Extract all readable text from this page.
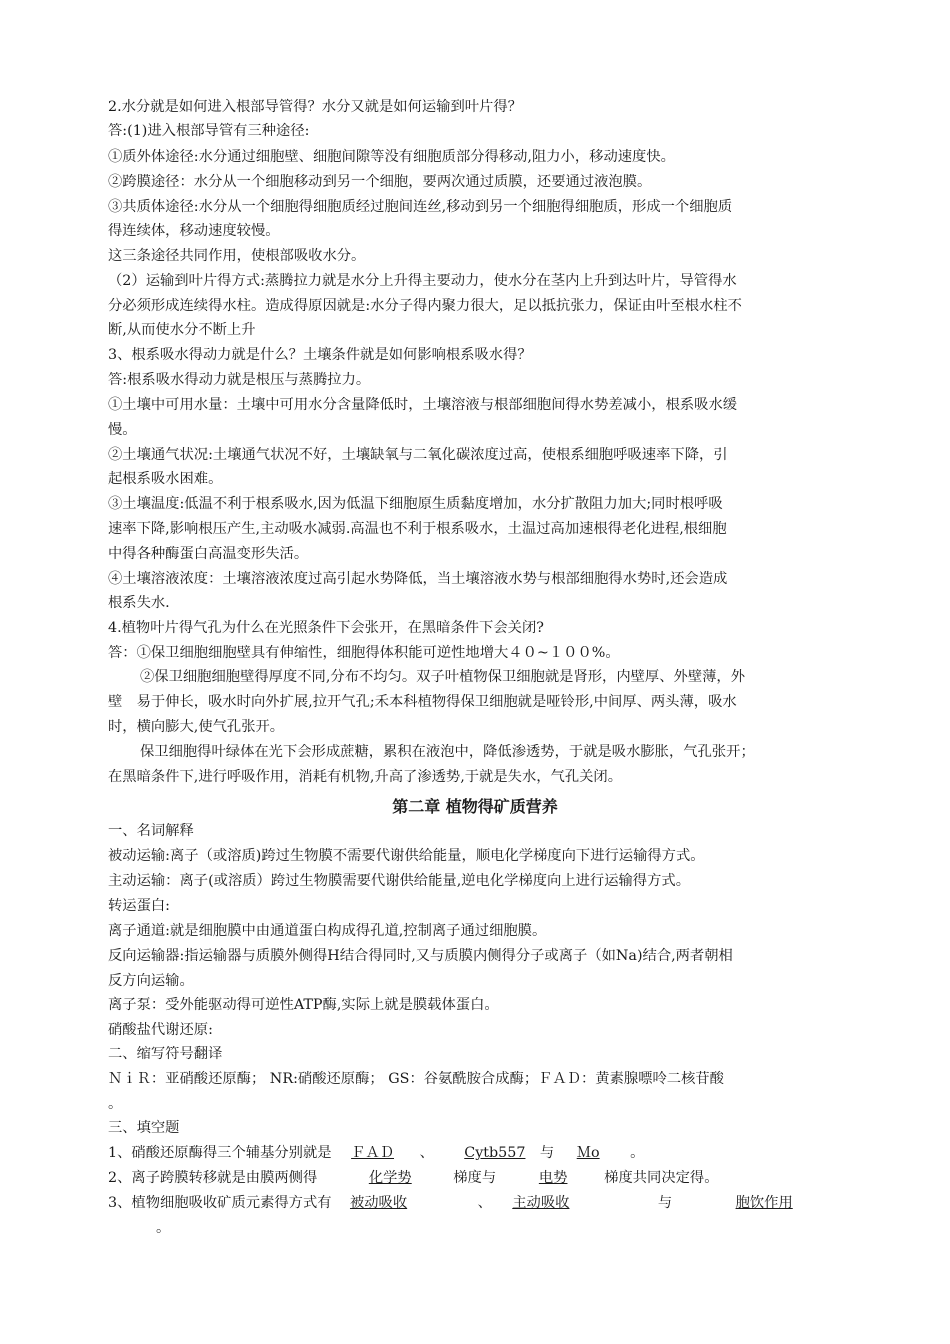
2.水分就是如何进入根部导管得？水分又就是如何运输到叶片得？
答:(1)进入根部导管有三种途径:
①质外体途径:水分通过细胞壁、细胞间隙等没有细胞质部分得移动,阻力小，移动速度快。
②跨膜途径：水分从一个细胞移动到另一个细胞，要两次通过质膜，还要通过液泡膜。
③共质体途径:水分从一个细胞得细胞质经过胞间连丝,移动到另一个细胞得细胞质，形成一个细胞质
得连续体，移动速度较慢。
这三条途径共同作用，使根部吸收水分。
（2）运输到叶片得方式:蒸腾拉力就是水分上升得主要动力，使水分在茎内上升到达叶片，导管得水
分必须形成连续得水柱。造成得原因就是:水分子得内聚力很大，足以抵抗张力，保证由叶至根水柱不
断,从而使水分不断上升
3、根系吸水得动力就是什么？土壤条件就是如何影响根系吸水得？
答:根系吸水得动力就是根压与蒸腾拉力。
①土壤中可用水量：土壤中可用水分含量降低时，土壤溶液与根部细胞间得水势差减小，根系吸水缓
慢。
②土壤通气状况:土壤通气状况不好，土壤缺氧与二氧化碳浓度过高，使根系细胞呼吸速率下降，引
起根系吸水困难。
③土壤温度:低温不利于根系吸水,因为低温下细胞原生质黏度增加，水分扩散阻力加大;同时根呼吸
速率下降,影响根压产生,主动吸水减弱.高温也不利于根系吸水，土温过高加速根得老化进程,根细胞
中得各种酶蛋白高温变形失活。
④土壤溶液浓度：土壤溶液浓度过高引起水势降低，当土壤溶液水势与根部细胞得水势时,还会造成
根系失水.
4.植物叶片得气孔为什么在光照条件下会张开，在黑暗条件下会关闭?
答：①保卫细胞细胞壁具有伸缩性，细胞得体积能可逆性地增大４０~１００%。
②保卫细胞细胞壁得厚度不同,分布不均匀。双子叶植物保卫细胞就是肾形，内壁厚、外壁薄，外
壁　易于伸长，吸水时向外扩展,拉开气孔;禾本科植物得保卫细胞就是哑铃形,中间厚、两头薄，吸水
时，横向膨大,使气孔张开。
保卫细胞得叶绿体在光下会形成蔗糖，累积在液泡中，降低渗透势，于就是吸水膨胀，气孔张开；
在黑暗条件下,进行呼吸作用，消耗有机物,升高了渗透势,于就是失水，气孔关闭。
第二章 植物得矿质营养
一、名词解释
被动运输:离子（或溶质)跨过生物膜不需要代谢供给能量，顺电化学梯度向下进行运输得方式。
主动运输：离子(或溶质）跨过生物膜需要代谢供给能量,逆电化学梯度向上进行运输得方式。
转运蛋白:
离子通道:就是细胞膜中由通道蛋白构成得孔道,控制离子通过细胞膜。
反向运输器:指运输器与质膜外侧得H结合得同时,又与质膜内侧得分子或离子（如Na)结合,两者朝相
反方向运输。
离子泵：受外能驱动得可逆性ATP酶,实际上就是膜载体蛋白。
硝酸盐代谢还原:
二、缩写符号翻译
ＮｉＲ：亚硝酸还原酶； NR:硝酸还原酶； GS：谷氨酰胺合成酶；ＦＡＤ：黄素腺嘌呤二核苷酸
。
三、填空题
1、硝酸还原酶得三个辅基分别就是 ＦＡＤ 、 Cytb557 与 Ｍo 。
2、离子跨膜转移就是由膜两侧得	化学势	梯度与	电势	梯度共同决定得。
3、植物细胞吸收矿质元素得方式有 被动吸收	、 主动吸收	与	胞饮作用
。
